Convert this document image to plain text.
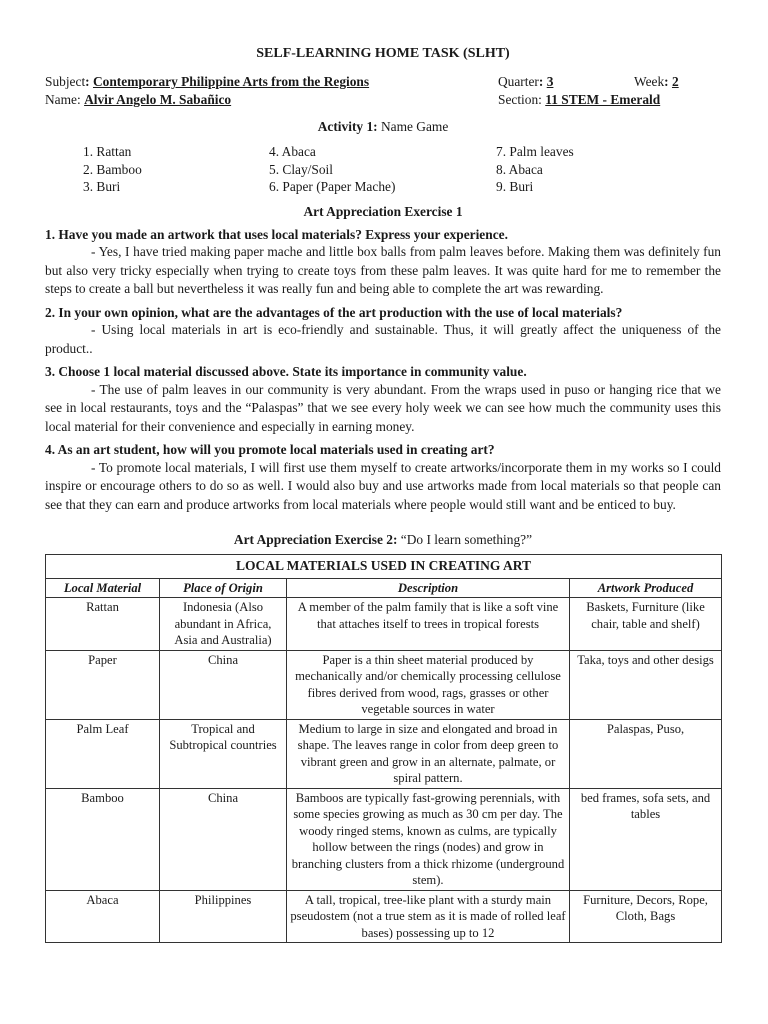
SELF-LEARNING HOME TASK (SLHT)
Subject: Contemporary Philippine Arts from the Regions	Quarter: 3	Week: 2
Name: Alvir Angelo M. Sabañico	Section: 11 STEM - Emerald
Activity 1: Name Game
1. Rattan
2. Bamboo
3. Buri
4. Abaca
5. Clay/Soil
6. Paper (Paper Mache)
7. Palm leaves
8. Abaca
9. Buri
Art Appreciation Exercise 1
1. Have you made an artwork that uses local materials? Express your experience.
- Yes, I have tried making paper mache and little box balls from palm leaves before. Making them was definitely fun but also very tricky especially when trying to create toys from these palm leaves. It was quite hard for me to remember the steps to create a ball but nevertheless it was really fun and being able to complete the art was rewarding.
2. In your own opinion, what are the advantages of the art production with the use of local materials?
- Using local materials in art is eco-friendly and sustainable. Thus, it will greatly affect the uniqueness of the product..
3. Choose 1 local material discussed above. State its importance in community value.
- The use of palm leaves in our community is very abundant. From the wraps used in puso or hanging rice that we see in local restaurants, toys and the “Palaspas” that we see every holy week we can see how much the community uses this local material for their convenience and especially in earning money.
4. As an art student, how will you promote local materials used in creating art?
- To promote local materials, I will first use them myself to create artworks/incorporate them in my works so I could inspire or encourage others to do so as well. I would also buy and use artworks made from local materials so that people can see that they can earn and produce artworks from local materials where people would still want and be enticed to buy.
Art Appreciation Exercise 2: “Do I learn something?”
LOCAL MATERIALS USED IN CREATING ART			
Local Material	Place of Origin	Description	Artwork Produced
Rattan	Indonesia (Also abundant in Africa, Asia and Australia)	A member of the palm family that is like a soft vine that attaches itself to trees in tropical forests	Baskets, Furniture (like chair, table and shelf)
Paper	China	Paper is a thin sheet material produced by mechanically and/or chemically processing cellulose fibres derived from wood, rags, grasses or other vegetable sources in water	Taka, toys and other desigs
Palm Leaf	Tropical and Subtropical countries	Medium to large in size and elongated and broad in shape. The leaves range in color from deep green to vibrant green and grow in an alternate, palmate, or spiral pattern.	Palaspas, Puso,
Bamboo	China	Bamboos are typically fast-growing perennials, with some species growing as much as 30 cm per day. The woody ringed stems, known as culms, are typically hollow between the rings (nodes) and grow in branching clusters from a thick rhizome (underground stem).	bed frames, sofa sets, and tables
Abaca	Philippines	A tall, tropical, tree-like plant with a sturdy main pseudostem (not a true stem as it is made of rolled leaf bases) possessing up to 12	Furniture, Decors, Rope, Cloth, Bags
